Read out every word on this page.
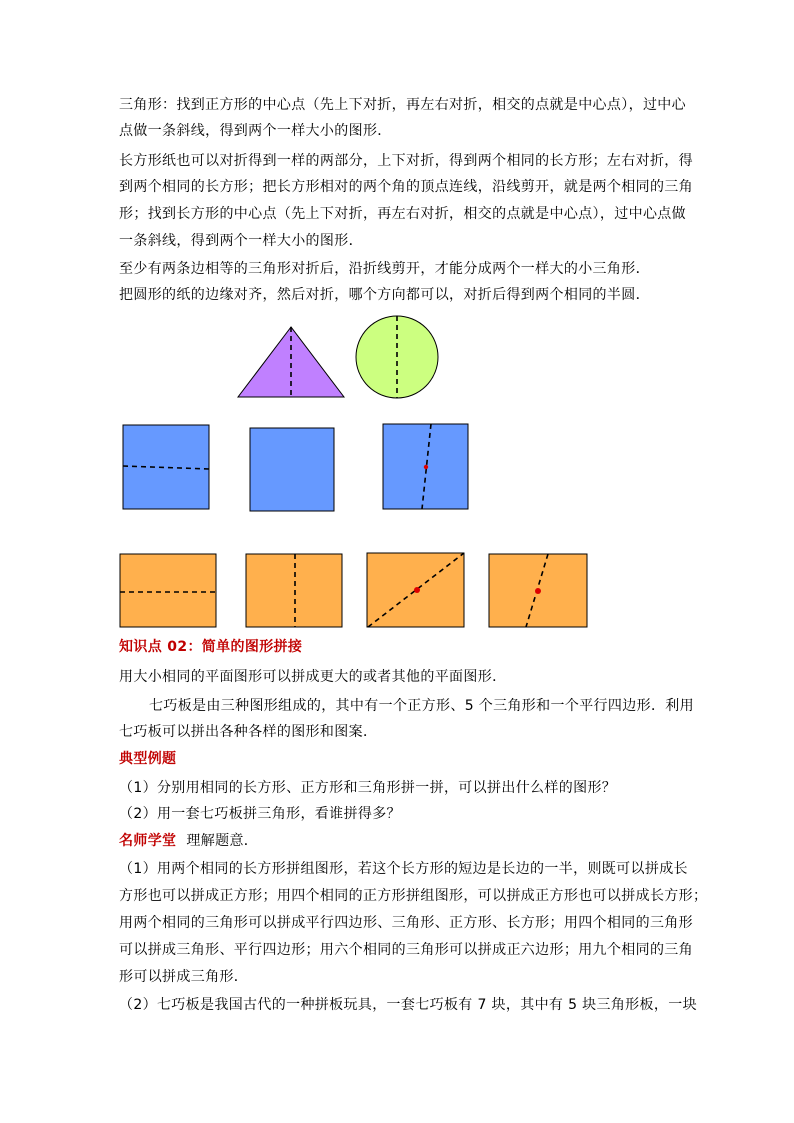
三角形：找到正方形的中心点（先上下对折，再左右对折，相交的点就是中心点），过中心
点做一条斜线，得到两个一样大小的图形．
长方形纸也可以对折得到一样的两部分，上下对折，得到两个相同的长方形；左右对折，得
到两个相同的长方形；把长方形相对的两个角的顶点连线，沿线剪开，就是两个相同的三角
形；找到长方形的中心点（先上下对折，再左右对折，相交的点就是中心点），过中心点做
一条斜线，得到两个一样大小的图形．
至少有两条边相等的三角形对折后，沿折线剪开，才能分成两个一样大的小三角形．
把圆形的纸的边缘对齐，然后对折，哪个方向都可以，对折后得到两个相同的半圆．
知识点 02：简单的图形拼接
用大小相同的平面图形可以拼成更大的或者其他的平面图形．
七巧板是由三种图形组成的，其中有一个正方形、5 个三角形和一个平行四边形．利用
七巧板可以拼出各种各样的图形和图案．
典型例题
（1）分别用相同的长方形、正方形和三角形拼一拼，可以拼出什么样的图形？
（2）用一套七巧板拼三角形，看谁拼得多？
名师学堂 理解题意．
（1）用两个相同的长方形拼组图形，若这个长方形的短边是长边的一半，则既可以拼成长
方形也可以拼成正方形；用四个相同的正方形拼组图形，可以拼成正方形也可以拼成长方形；
用两个相同的三角形可以拼成平行四边形、三角形、正方形、长方形；用四个相同的三角形
可以拼成三角形、平行四边形；用六个相同的三角形可以拼成正六边形；用九个相同的三角
形可以拼成三角形．
（2）七巧板是我国古代的一种拼板玩具，一套七巧板有 7 块，其中有 5 块三角形板，一块
